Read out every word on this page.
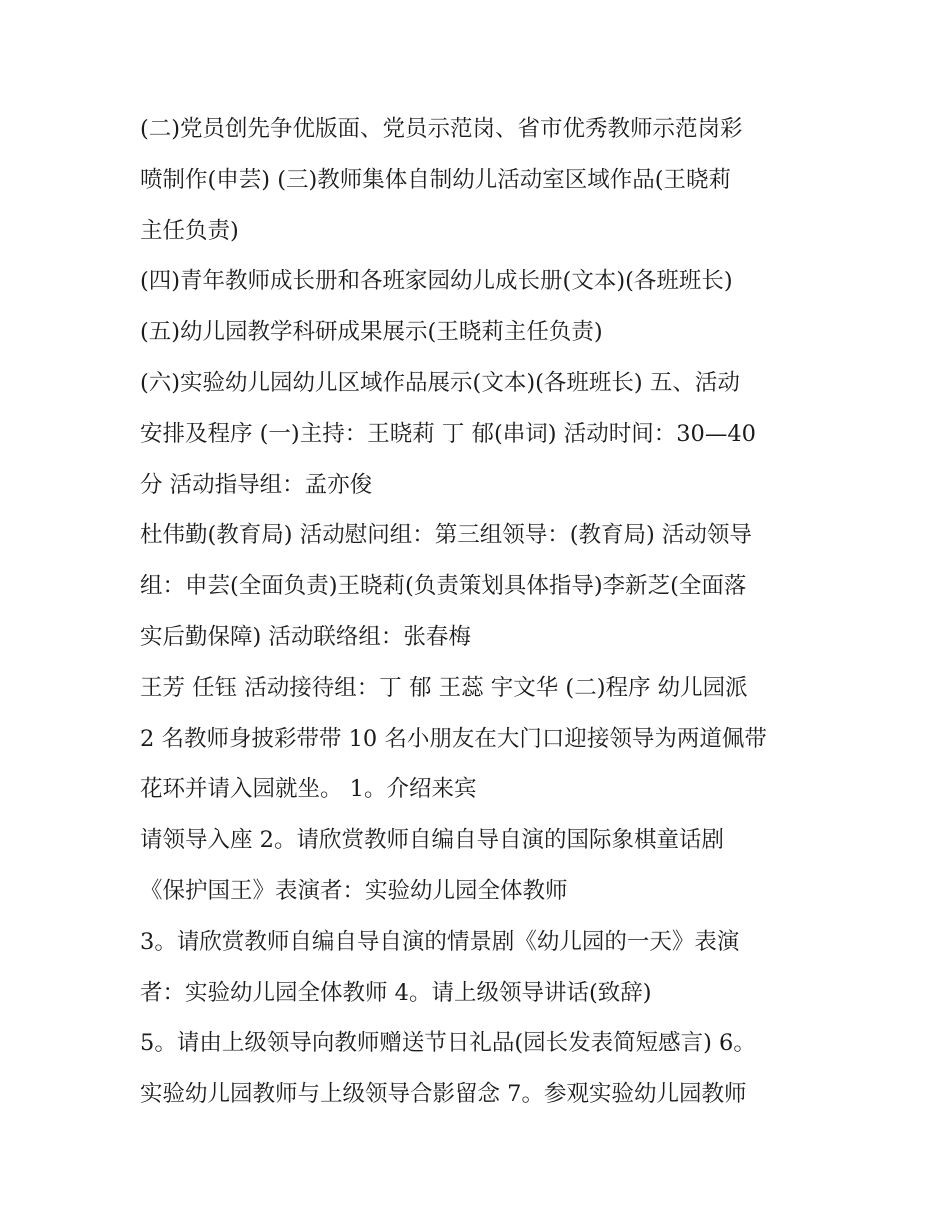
(二)党员创先争优版面、党员示范岗、省市优秀教师示范岗彩
喷制作(申芸) (三)教师集体自制幼儿活动室区域作品(王晓莉
主任负责)
(四)青年教师成长册和各班家园幼儿成长册(文本)(各班班长)
(五)幼儿园教学科研成果展示(王晓莉主任负责)
(六)实验幼儿园幼儿区域作品展示(文本)(各班班长) 五、活动
安排及程序 (一)主持：王晓莉 丁 郁(串词) 活动时间：30—40
分 活动指导组：孟亦俊
杜伟勤(教育局) 活动慰问组：第三组领导：(教育局) 活动领导
组：申芸(全面负责)王晓莉(负责策划具体指导)李新芝(全面落
实后勤保障) 活动联络组：张春梅
王芳 任钰 活动接待组：丁 郁 王蕊 宇文华 (二)程序 幼儿园派
2 名教师身披彩带带 10 名小朋友在大门口迎接领导为两道佩带
花环并请入园就坐。 1。介绍来宾
请领导入座 2。请欣赏教师自编自导自演的国际象棋童话剧
《保护国王》表演者：实验幼儿园全体教师
3。请欣赏教师自编自导自演的情景剧《幼儿园的一天》表演
者：实验幼儿园全体教师 4。请上级领导讲话(致辞)
5。请由上级领导向教师赠送节日礼品(园长发表简短感言) 6。
实验幼儿园教师与上级领导合影留念 7。参观实验幼儿园教师
